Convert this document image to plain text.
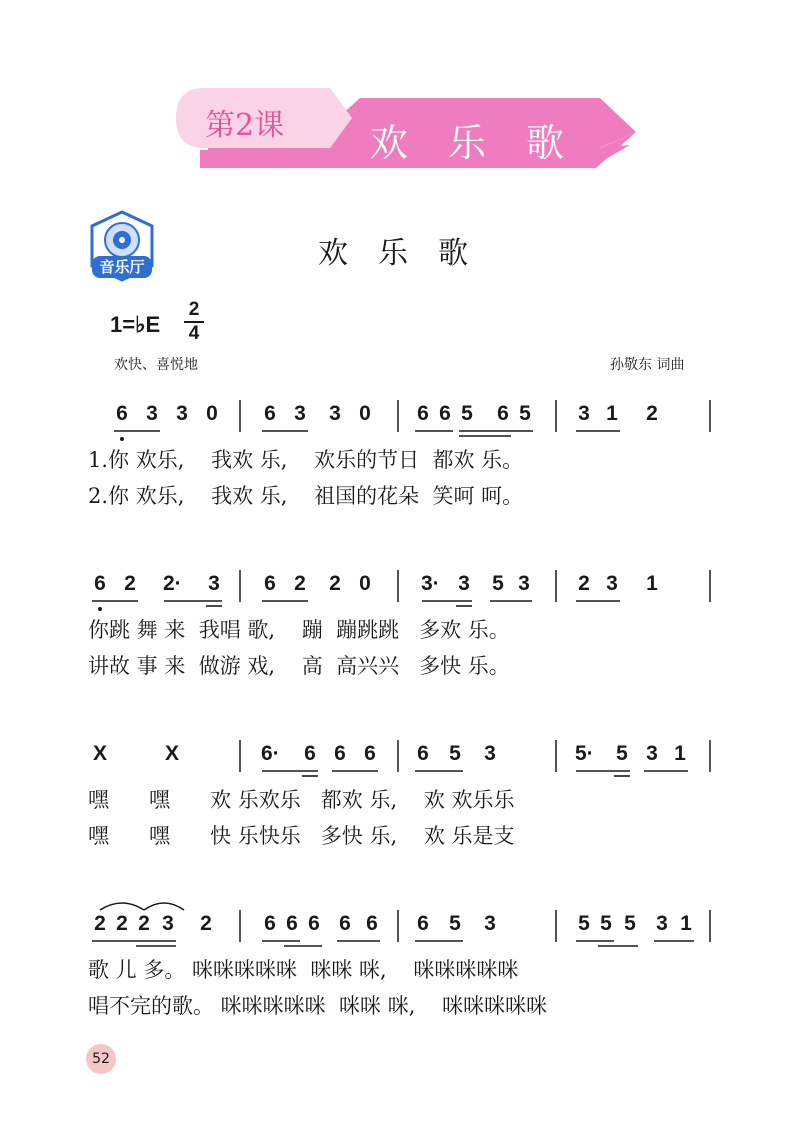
第2课	欢乐歌
音乐厅	欢乐歌
1=♭E
2
4
欢快、喜悦地	孙敬东 词曲
6 3 3 0 6 3 3 0 6 6 5 6 5 3 1 2
1.你 欢乐,    我欢 乐,    欢乐的节日  都欢 乐。
2.你 欢乐,    我欢 乐,    祖国的花朵  笑呵 呵。
6 2 2· 3 6 2 2 0 3· 3 5 3 2 3 1
你跳 舞 来  我唱 歌,    蹦  蹦跳跳   多欢 乐。
讲故 事 来  做游 戏,    高  高兴兴   多快 乐。
X	X	6· 6 6 6 6 5 3	5· 5 3 1
嘿      嘿      欢 乐欢乐   都欢 乐,    欢 欢乐乐
嘿      嘿      快 乐快乐   多快 乐,    欢 乐是支
2 2 2 3 2 6 6 6 6 6 6 5 3	5 5 5 3 1
歌 儿 多。 咪咪咪咪咪  咪咪 咪,    咪咪咪咪咪
唱不完的歌。 咪咪咪咪咪  咪咪 咪,    咪咪咪咪咪
52
